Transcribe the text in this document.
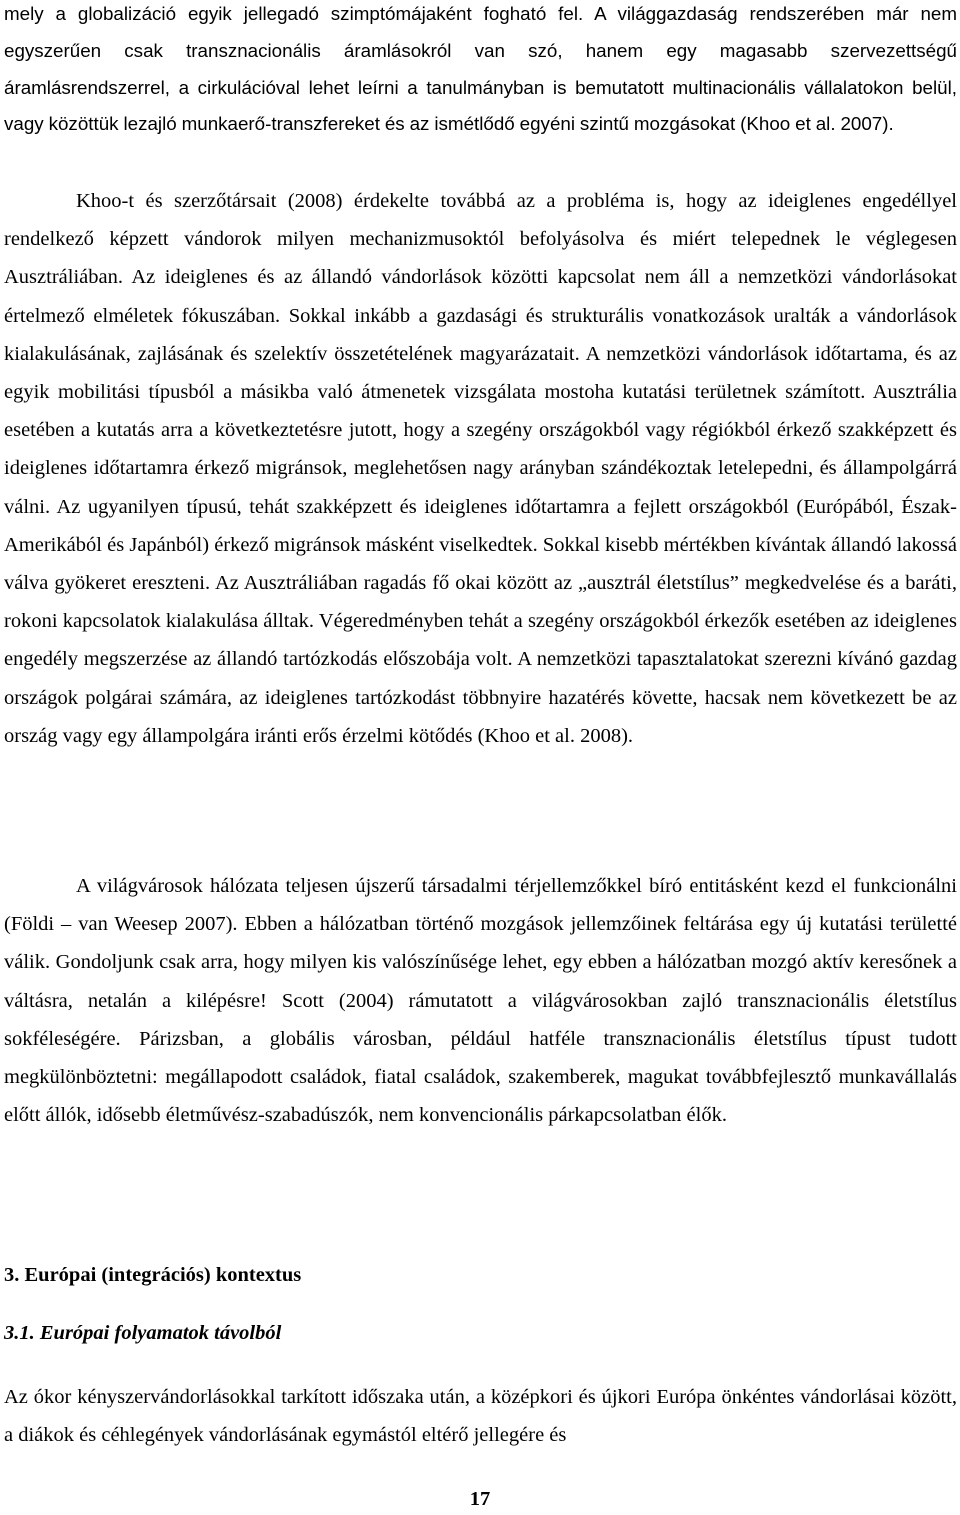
mely a globalizáció egyik jellegadó szimptómájaként fogható fel. A világgazdaság rendszerében már nem egyszerűen csak transznacionális áramlásokról van szó, hanem egy magasabb szervezettségű áramlásrendszerrel, a cirkulációval lehet leírni a tanulmányban is bemutatott multinacionális vállalatokon belül, vagy közöttük lezajló munkaerő-transzfereket és az ismétlődő egyéni szintű mozgásokat (Khoo et al. 2007).

Khoo-t és szerzőtársait (2008) érdekelte továbbá az a probléma is, hogy az ideiglenes engedéllyel rendelkező képzett vándorok milyen mechanizmusoktól befolyásolva és miért telepednek le véglegesen Ausztráliában. Az ideiglenes és az állandó vándorlások közötti kapcsolat nem áll a nemzetközi vándorlásokat értelmező elméletek fókuszában. Sokkal inkább a gazdasági és strukturális vonatkozások uralták a vándorlások kialakulásának, zajlásának és szelektív összetételének magyarázatait. A nemzetközi vándorlások időtartama, és az egyik mobilitási típusból a másikba való átmenetek vizsgálata mostoha kutatási területnek számított. Ausztrália esetében a kutatás arra a következtetésre jutott, hogy a szegény országokból vagy régiókból érkező szakképzett és ideiglenes időtartamra érkező migránsok, meglehetősen nagy arányban szándékoztak letelepedni, és állampolgárrá válni. Az ugyanilyen típusú, tehát szakképzett és ideiglenes időtartamra a fejlett országokból (Európából, Észak-Amerikából és Japánból) érkező migránsok másként viselkedtek. Sokkal kisebb mértékben kívántak állandó lakossá válva gyökeret ereszteni. Az Ausztráliában ragadás fő okai között az „ausztrál életstílus” megkedvelése és a baráti, rokoni kapcsolatok kialakulása álltak. Végeredményben tehát a szegény országokból érkezők esetében az ideiglenes engedély megszerzése az állandó tartózkodás előszobája volt. A nemzetközi tapasztalatokat szerezni kívánó gazdag országok polgárai számára, az ideiglenes tartózkodást többnyire hazatérés követte, hacsak nem következett be az ország vagy egy állampolgára iránti erős érzelmi kötődés (Khoo et al. 2008).

A világvárosok hálózata teljesen újszerű társadalmi térjellemzőkkel bíró entitásként kezd el funkcionálni (Földi – van Weesep 2007). Ebben a hálózatban történő mozgások jellemzőinek feltárása egy új kutatási területté válik. Gondoljunk csak arra, hogy milyen kis valószínűsége lehet, egy ebben a hálózatban mozgó aktív keresőnek a váltásra, netalán a kilépésre! Scott (2004) rámutatott a világvárosokban zajló transznacionális életstílus sokféleségére. Párizsban, a globális városban, például hatféle transznacionális életstílus típust tudott megkülönböztetni: megállapodott családok, fiatal családok, szakemberek, magukat továbbfejlesztő munkavállalás előtt állók, idősebb életművész-szabadúszók, nem konvencionális párkapcsolatban élők.

3. Európai (integrációs) kontextus
3.1. Európai folyamatok távolból

Az ókor kényszervándorlásokkal tarkított időszaka után, a középkori és újkori Európa önkéntes vándorlásai között, a diákok és céhlegények vándorlásának egymástól eltérő jellegére és

17
